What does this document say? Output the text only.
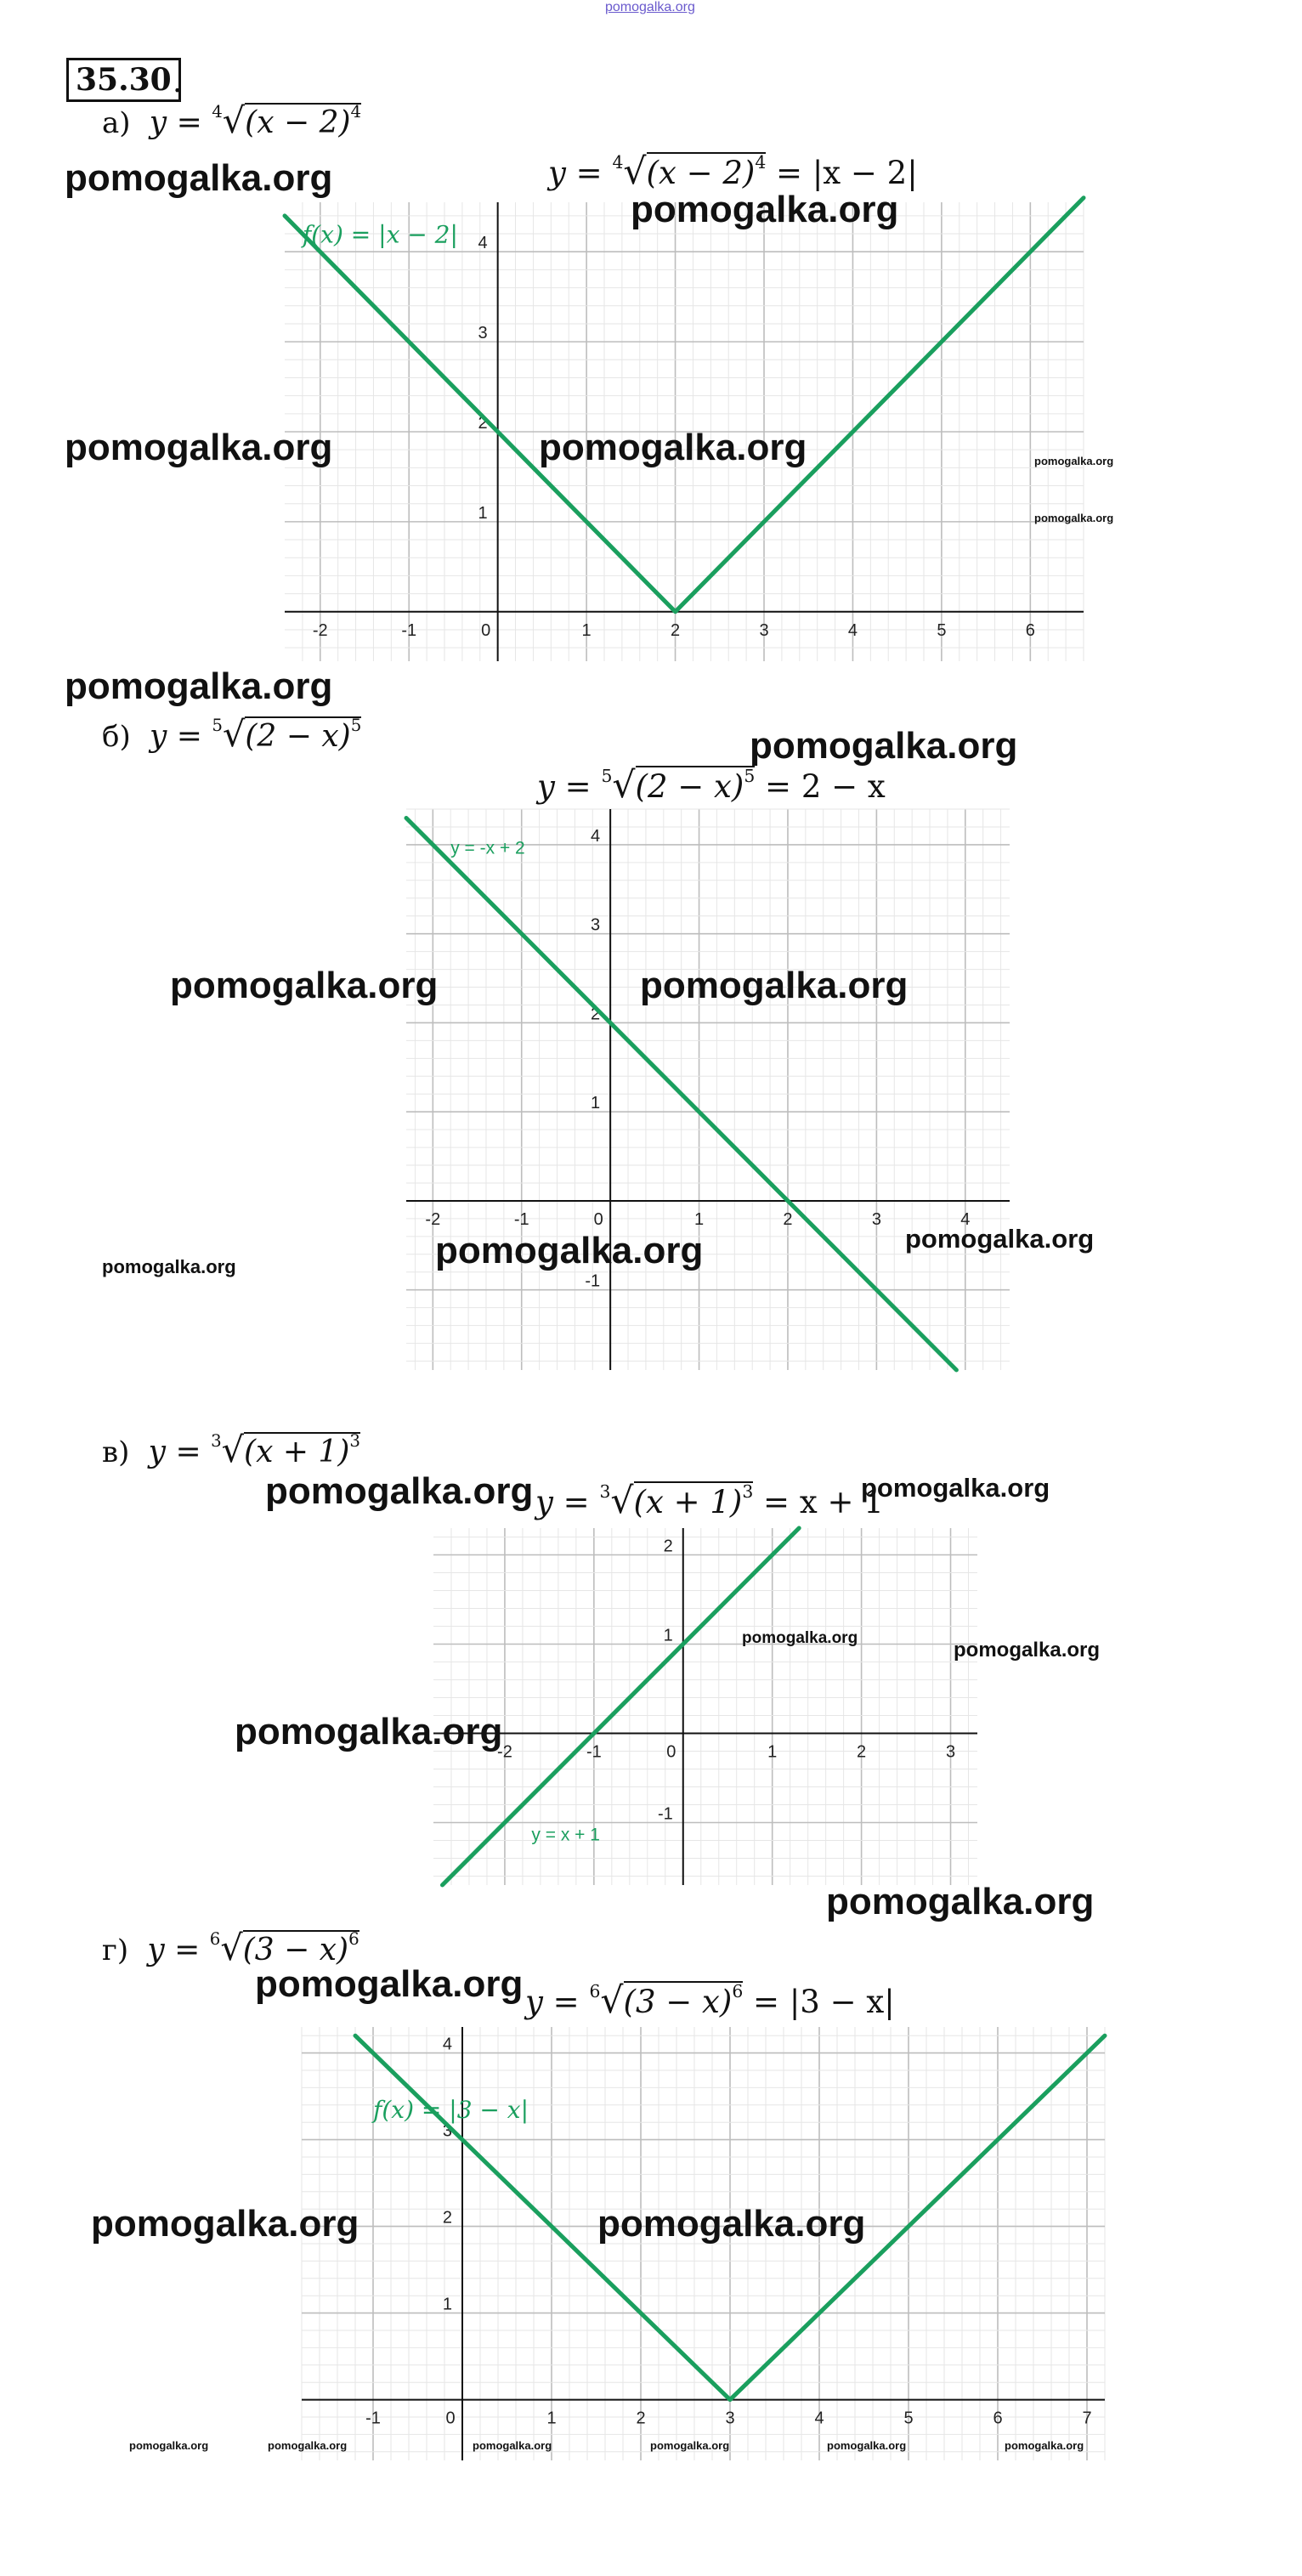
pomogalka.org
35.30 .
а)  $y = ^4√(x - 2)^4$
$y = ^4√(x - 2)^4 = |x - 2|$
-2	-1	0	1	2	3	4	5	6
1
2
3
4
f(x) = |x − 2|
б)  $y = ^5√(2 - x)^5$
$y = ^5√(2 - x)^5 = 2 - x$
-2	-1	0	1	2	3	4
-1
1
2
3
4
y = -x + 2
в)  $y = ^3√(x + 1)^3$
$y = ^3√(x + 1)^3 = x + 1$
-2	-1	0	1	2	3
-1
1
2
y = x + 1
г)  $y = ^6√(3 - x)^6$
$y = ^6√(3 - x)^6 = |3 - x|$
-1	0	1	2	3	4	5	6	7
1
2
3
4
f(x) = |3 − x|
pomogalka.org
pomogalka.org
pomogalka.org	pomogalka.org	pomogalka.org
pomogalka.org
pomogalka.org
pomogalka.org
pomogalka.org	pomogalka.org
pomogalka.org
pomogalka.org
pomogalka.org
pomogalka.org	pomogalka.org
pomogalka.org
pomogalka.org
pomogalka.org
pomogalka.org
pomogalka.org
pomogalka.org	pomogalka.org
pomogalka.org	pomogalka.org	pomogalka.org	pomogalka.org	pomogalka.org	pomogalka.org
